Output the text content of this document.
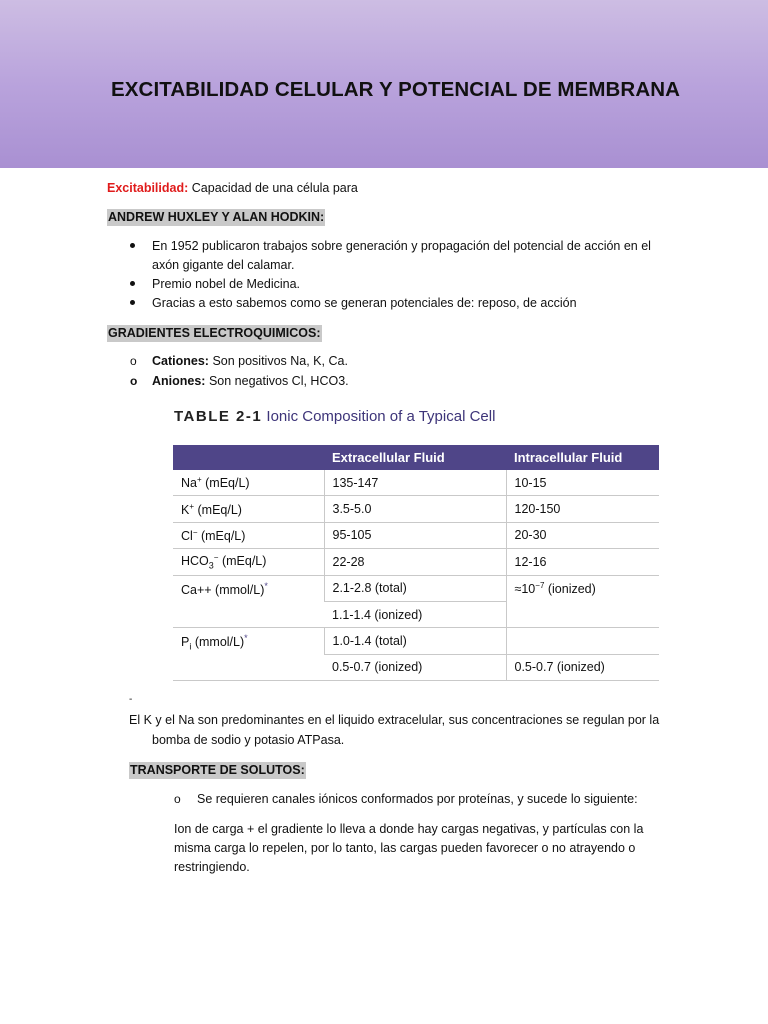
EXCITABILIDAD CELULAR Y POTENCIAL DE MEMBRANA
Excitabilidad: Capacidad de una célula para
ANDREW HUXLEY Y ALAN HODKIN:
En 1952 publicaron trabajos sobre generación y propagación del potencial de acción en el
axón gigante del calamar.
Premio nobel de Medicina.
Gracias a esto sabemos como se generan potenciales de: reposo, de acción
GRADIENTES ELECTROQUIMICOS:
o Cationes: Son positivos Na, K, Ca.
o Aniones: Son negativos Cl, HCO3.
TABLE 2-1 Ionic Composition of a Typical Cell
	Extracellular Fluid	Intracellular Fluid
Na+ (mEq/L)	135-147	10-15
K+ (mEq/L)	3.5-5.0	120-150
Cl− (mEq/L)	95-105	20-30
$HCO_3^-$ (mEq/L)	22-28	12-16
Ca++ (mmol/L)*	2.1-2.8 (total)	$\approx 10^{-7}$ (ionized)
	1.1-1.4 (ionized)	
$P_i$ (mmol/L)*	1.0-1.4 (total)	
	0.5-0.7 (ionized)	0.5-0.7 (ionized)
-
El K y el Na son predominantes en el liquido extracelular, sus concentraciones se regulan por la
bomba de sodio y potasio ATPasa.
TRANSPORTE DE SOLUTOS:
o Se requieren canales iónicos conformados por proteínas, y sucede lo siguiente:
Ion de carga + el gradiente lo lleva a donde hay cargas negativas, y partículas con la
misma carga lo repelen, por lo tanto, las cargas pueden favorecer o no atrayendo o
restringiendo.
